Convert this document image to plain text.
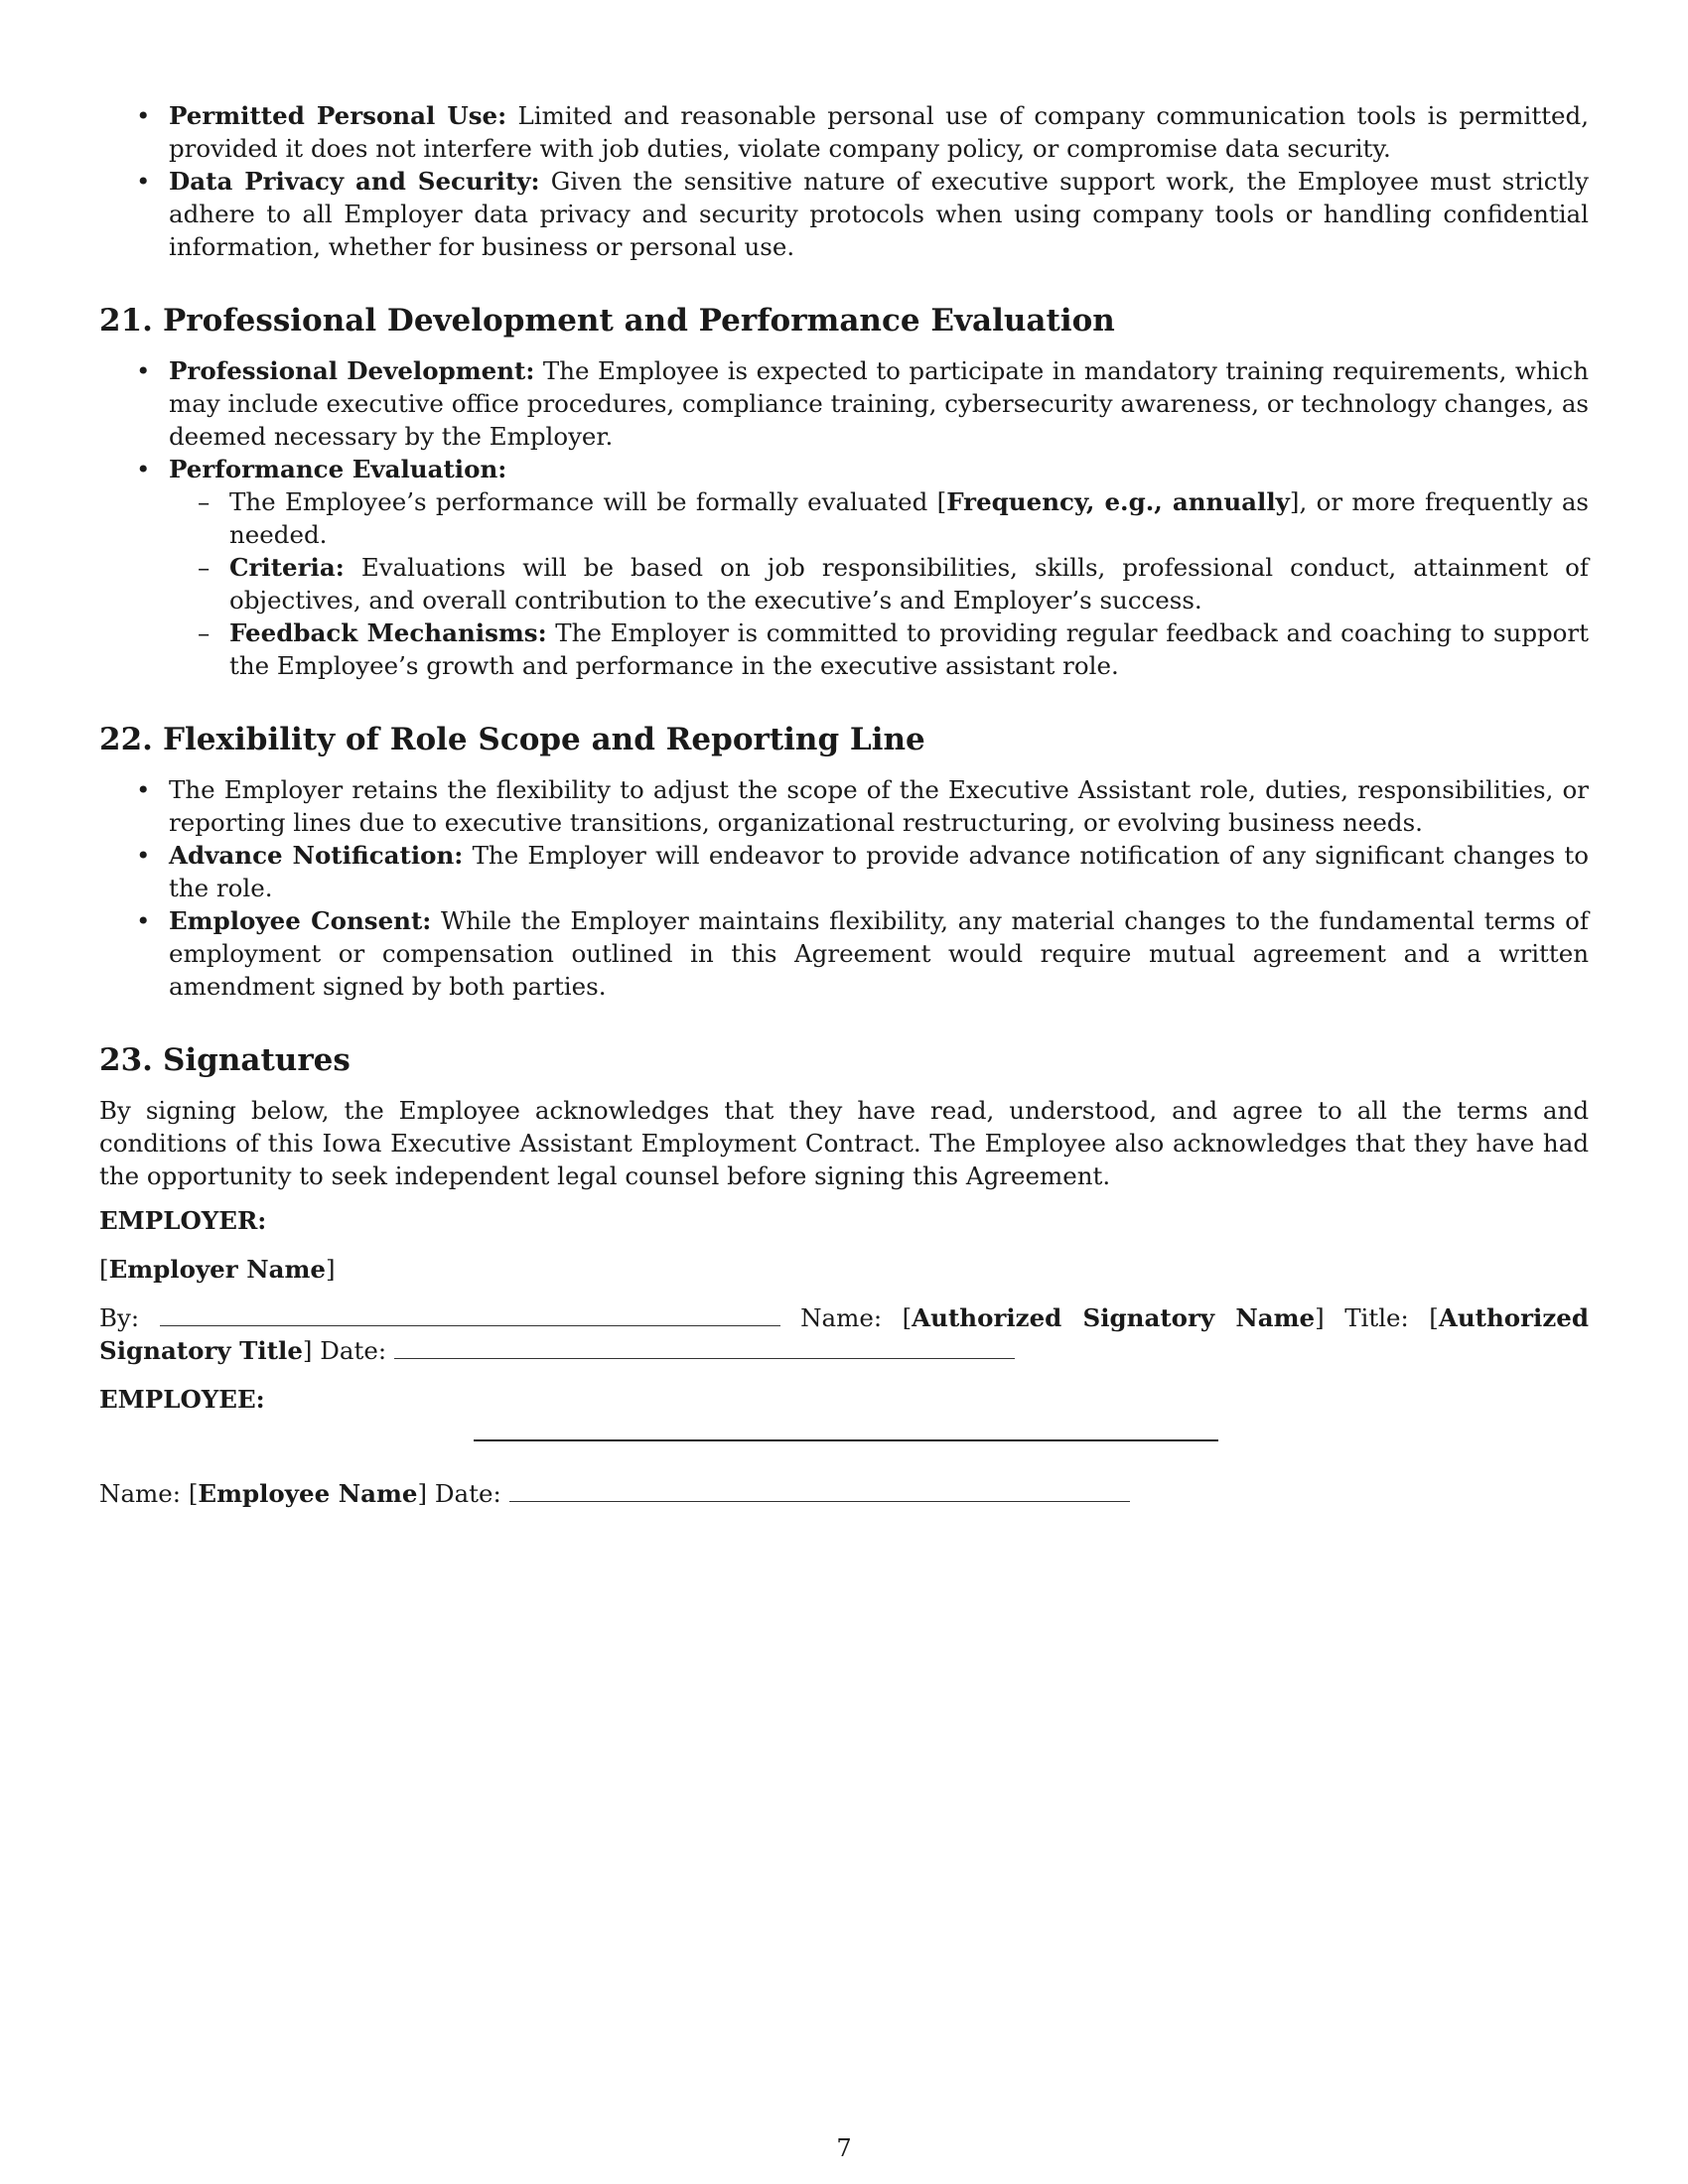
• Permitted Personal Use: Limited and reasonable personal use of company communication tools is permitted, provided it does not interfere with job duties, violate company policy, or compromise data security.
• Data Privacy and Security: Given the sensitive nature of executive support work, the Employee must strictly adhere to all Employer data privacy and security protocols when using company tools or handling confidential information, whether for business or personal use.
21. Professional Development and Performance Evaluation
• Professional Development: The Employee is expected to participate in mandatory training requirements, which may include executive office procedures, compliance training, cybersecurity awareness, or technology changes, as deemed necessary by the Employer.
• Performance Evaluation:
– The Employee’s performance will be formally evaluated [Frequency, e.g., annually], or more frequently as needed.
– Criteria: Evaluations will be based on job responsibilities, skills, professional conduct, attainment of objectives, and overall contribution to the executive’s and Employer’s success.
– Feedback Mechanisms: The Employer is committed to providing regular feedback and coaching to support the Employee’s growth and performance in the executive assistant role.
22. Flexibility of Role Scope and Reporting Line
• The Employer retains the flexibility to adjust the scope of the Executive Assistant role, duties, responsibilities, or reporting lines due to executive transitions, organizational restructuring, or evolving business needs.
• Advance Notification: The Employer will endeavor to provide advance notification of any significant changes to the role.
• Employee Consent: While the Employer maintains flexibility, any material changes to the fundamental terms of employment or compensation outlined in this Agreement would require mutual agreement and a written amendment signed by both parties.
23. Signatures

By signing below, the Employee acknowledges that they have read, understood, and agree to all the terms and conditions of this Iowa Executive Assistant Employment Contract. The Employee also acknowledges that they have had the opportunity to seek independent legal counsel before signing this Agreement.

EMPLOYER:
[Employer Name]
By:	Name: [Authorized Signatory Name] Title: [Authorized Signatory Title] Date:
EMPLOYEE:
Name: [Employee Name] Date:
7
